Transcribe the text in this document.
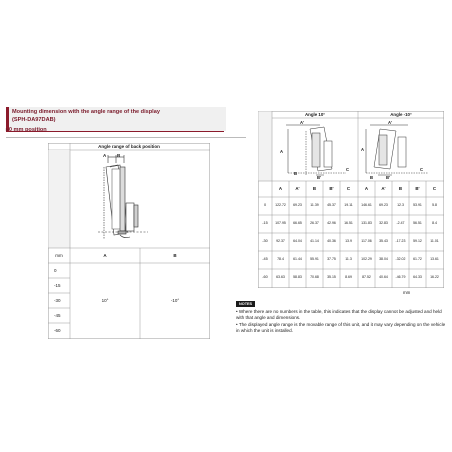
Mounting dimension with the angle range of the display
(SPH-DA97DAB)
▸0 mm position
Angle range of back position
A B
mm	A	B
0
-15
-30
-45
-60
10°	-10°
Angle 10°	Angle -10°
A'
A
B
B'
C
A'
A
B	B'
C
A	A'	B	B'	C	A	A'	B	B'	C
0	122.72	69.23	11.39	45.37	19.11	146.61	69.23	12.3	53.91	5.8
-15	107.95	66.65	26.37	42.96	16.51	131.83	32.83	-2.47	56.51	8.4
-30	92.37	64.04	41.14	40.36	13.9	117.06	35.43	-17.23	59.12	11.01
-45	78.4	61.44	55.91	37.75	11.3	102.29	38.04	-32.02	61.72	13.61
-60	63.63	58.83	70.68	35.15	8.69	87.52	40.64	-46.79	64.33	16.22
mm
NOTES
• Where there are no numbers in the table, this indicates that the display cannot be adjusted and held with that angle and dimensions.
• The displayed angle range is the movable range of this unit, and it may vary depending on the vehicle in which the unit is installed.
